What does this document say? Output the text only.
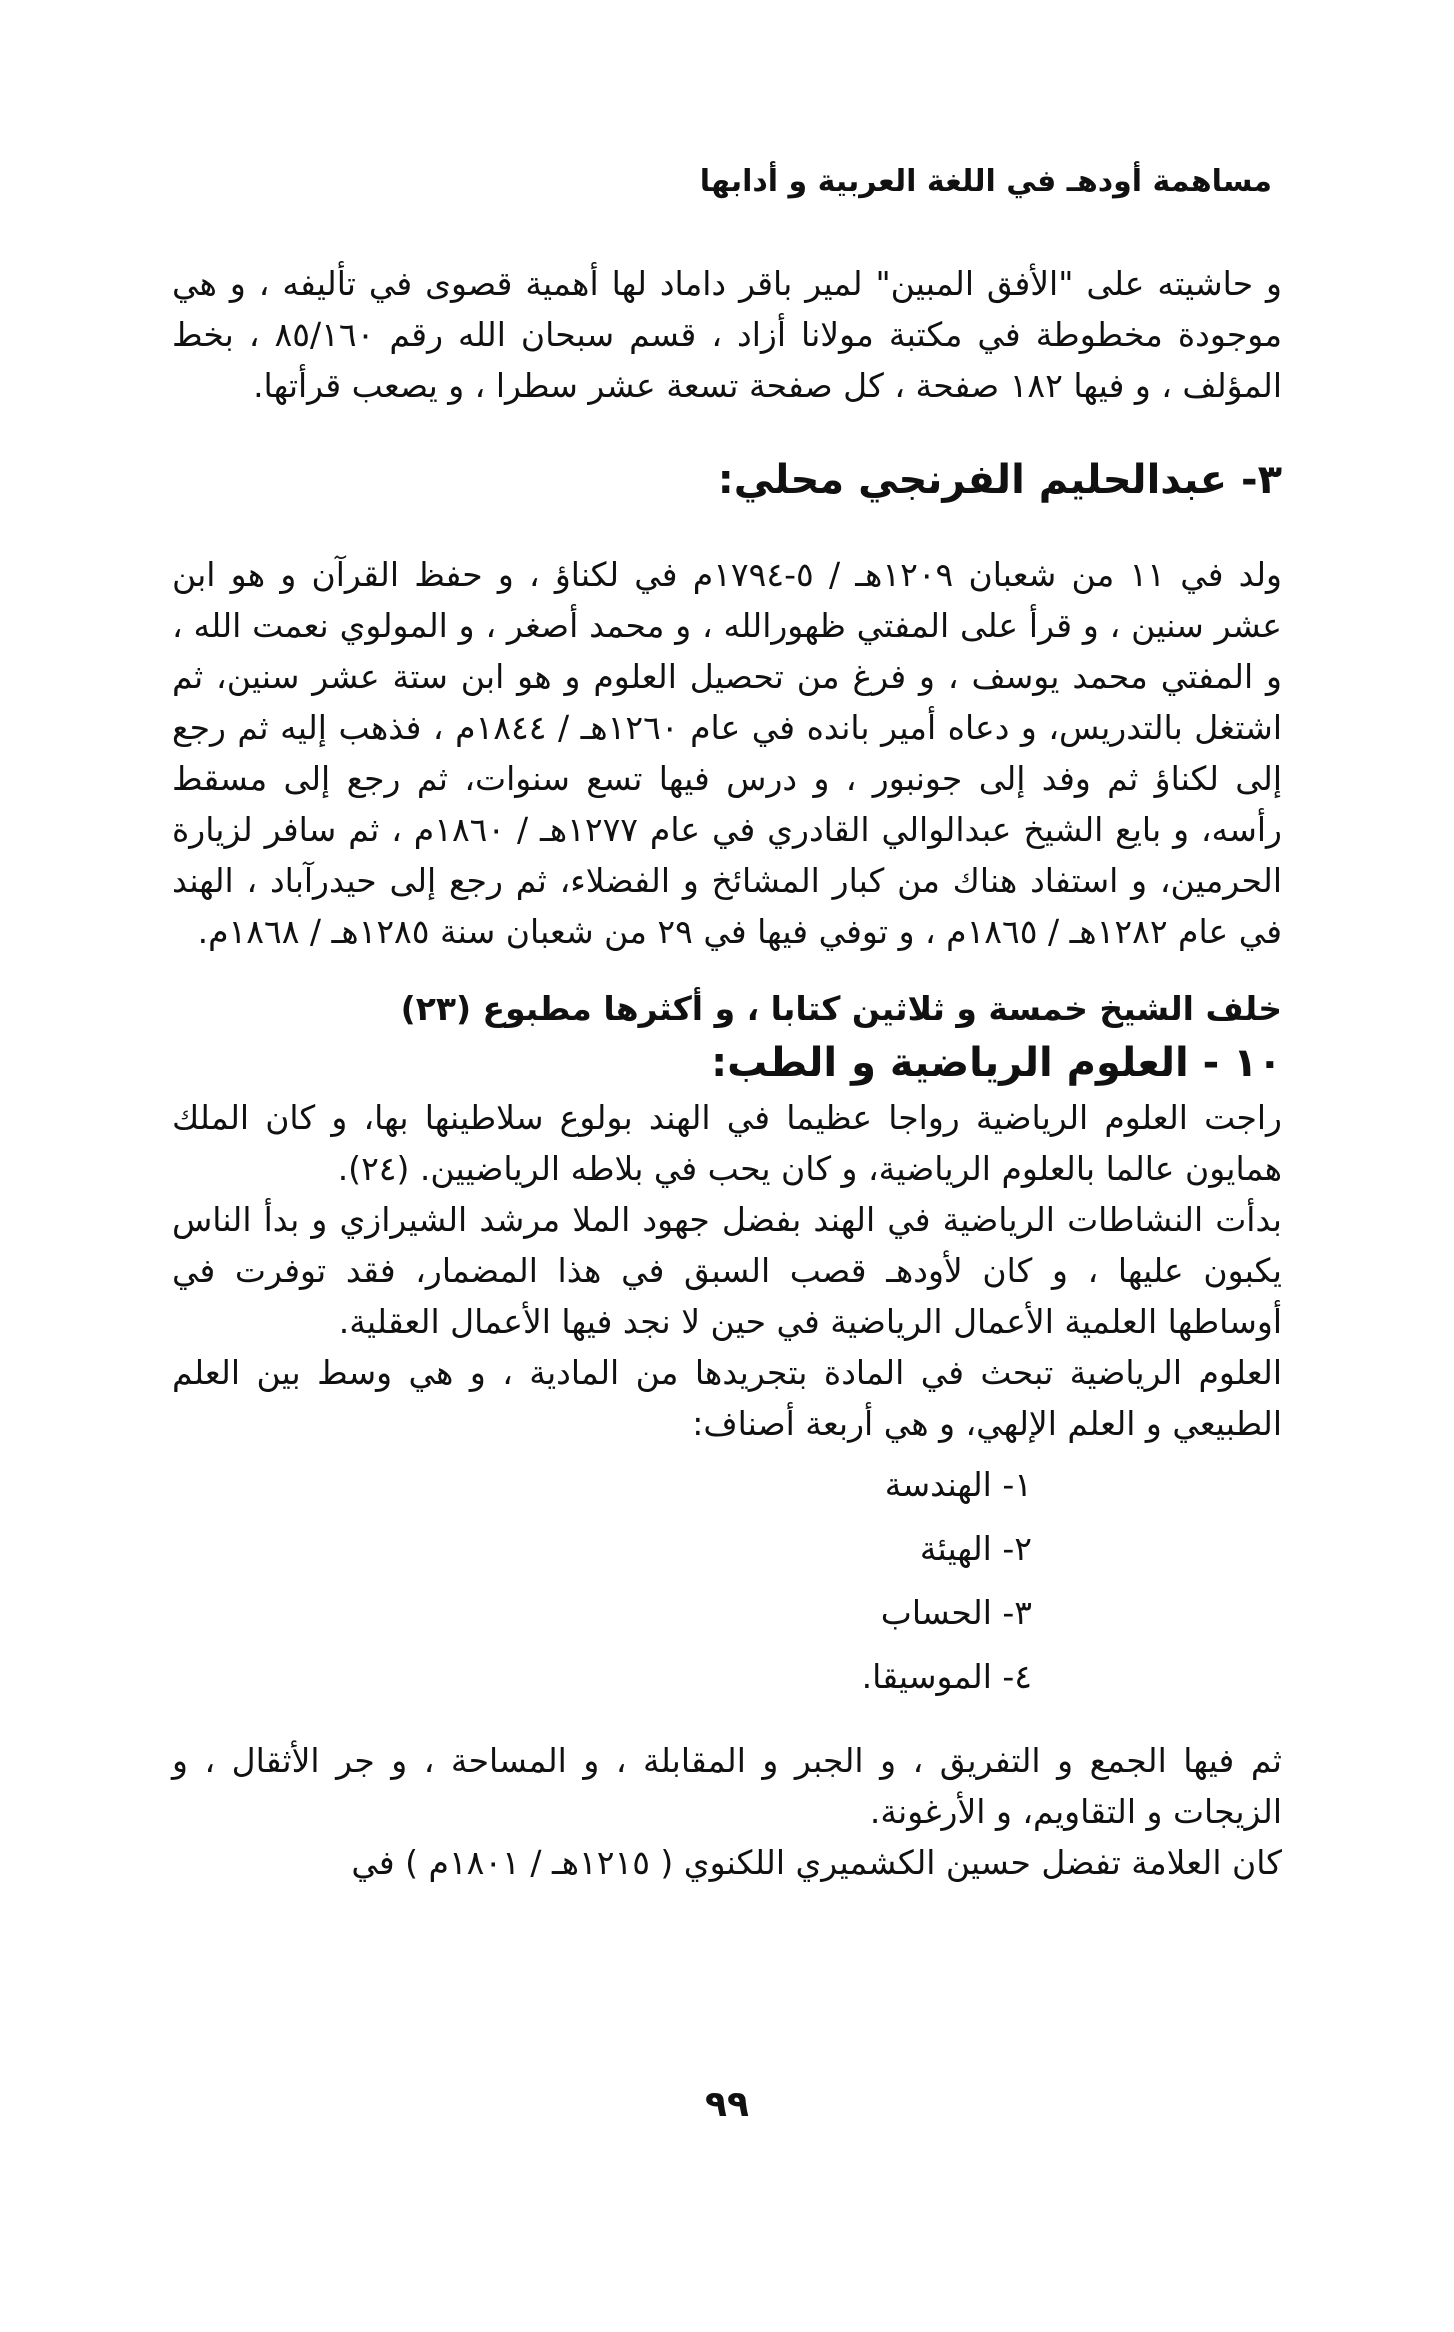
مساهمة أودهـ في اللغة العربية و أدابها

و حاشيته على "الأفق المبين" لمير باقر داماد لها أهمية قصوى في تأليفه ، و هي موجودة مخطوطة في مكتبة مولانا أزاد ، قسم سبحان الله رقم ٨٥/١٦٠ ، بخط المؤلف ، و فيها ١٨٢ صفحة ، كل صفحة تسعة عشر سطرا ، و يصعب قرأتها.

٣- عبدالحليم الفرنجي محلي:

ولد في ١١ من شعبان ١٢٠٩هـ / ٥-١٧٩٤م في لكناؤ ، و حفظ القرآن و هو ابن عشر سنين ، و قرأ على المفتي ظهورالله ، و محمد أصغر ، و المولوي نعمت الله ، و المفتي محمد يوسف ، و فرغ من تحصيل العلوم و هو ابن ستة عشر سنين، ثم اشتغل بالتدريس، و دعاه أمير بانده في عام ١٢٦٠هـ / ١٨٤٤م ، فذهب إليه ثم رجع إلى لكناؤ ثم وفد إلى جونبور ، و درس فيها تسع سنوات، ثم رجع إلى مسقط رأسه، و بايع الشيخ عبدالوالي القادري في عام ١٢٧٧هـ / ١٨٦٠م ، ثم سافر لزيارة الحرمين، و استفاد هناك من كبار المشائخ و الفضلاء، ثم رجع إلى حيدرآباد ، الهند في عام ١٢٨٢هـ / ١٨٦٥م ، و توفي فيها في ٢٩ من شعبان سنة ١٢٨٥هـ / ١٨٦٨م.

خلف الشيخ خمسة و ثلاثين كتابا ، و أكثرها مطبوع (٢٣)

١٠ - العلوم الرياضية و الطب:

راجت العلوم الرياضية رواجا عظيما في الهند بولوع سلاطينها بها، و كان الملك همايون عالما بالعلوم الرياضية، و كان يحب في بلاطه الرياضيين. (٢٤).

بدأت النشاطات الرياضية في الهند بفضل جهود الملا مرشد الشيرازي و بدأ الناس يكبون عليها ، و كان لأودهـ قصب السبق في هذا المضمار، فقد توفرت في أوساطها العلمية الأعمال الرياضية في حين لا نجد فيها الأعمال العقلية.

العلوم الرياضية تبحث في المادة بتجريدها من المادية ، و هي وسط بين العلم الطبيعي و العلم الإلهي، و هي أربعة أصناف:

١- الهندسة
٢- الهيئة
٣- الحساب
٤- الموسيقا.

ثم فيها الجمع و التفريق ، و الجبر و المقابلة ، و المساحة ، و جر الأثقال ، و الزيجات و التقاويم، و الأرغونة.

كان العلامة تفضل حسين الكشميري اللكنوي ( ١٢١٥هـ / ١٨٠١م ) في

٩٩
